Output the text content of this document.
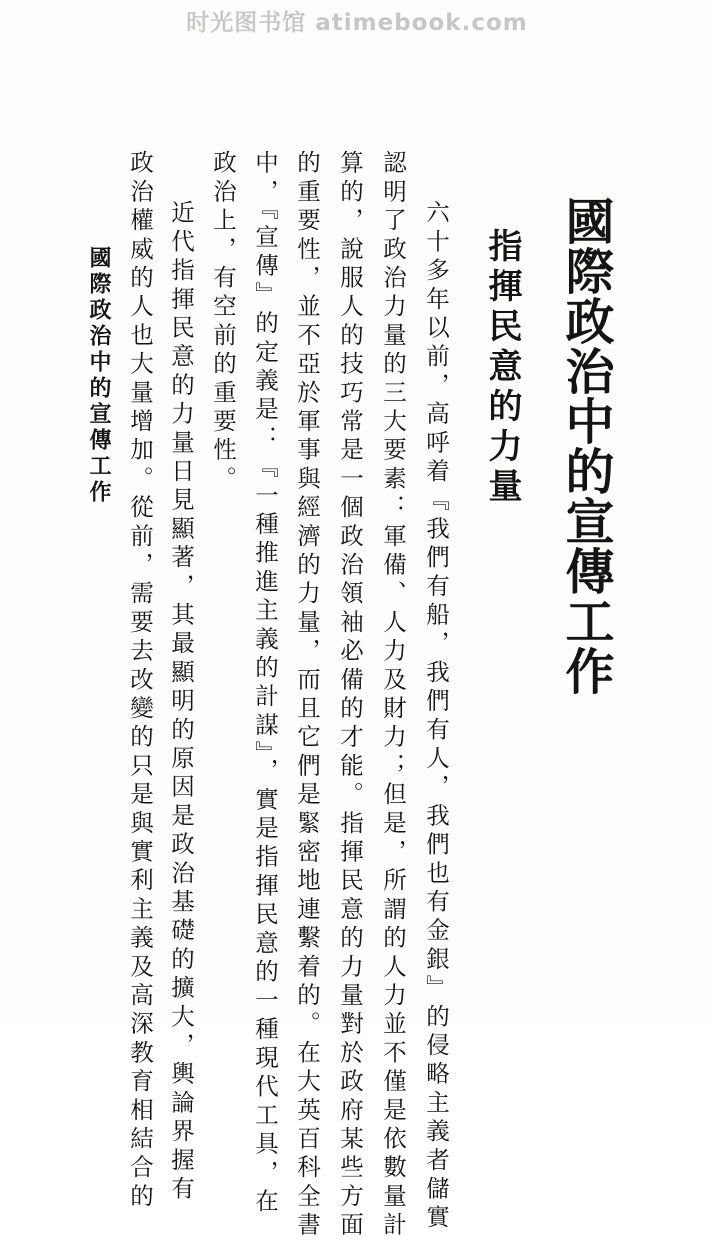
时光图书馆 atimebook.com
國際政治中的宣傳工作
指揮民意的力量
六十多年以前，高呼着『我們有船，我們有人，我們也有金銀』的侵略主義者儲實
認明了政治力量的三大要素：軍備、人力及財力；但是，所謂的人力並不僅是依數量計
算的，說服人的技巧常是一個政治領袖必備的才能。指揮民意的力量對於政府某些方面
的重要性，並不亞於軍事與經濟的力量，而且它們是緊密地連繫着的。在大英百科全書
中，『宣傳』的定義是：『一種推進主義的計謀』，實是指揮民意的一種現代工具，在
政治上，有空前的重要性。
近代指揮民意的力量日見顯著，其最顯明的原因是政治基礎的擴大，輿論界握有
政治權威的人也大量增加。從前，需要去改變的只是與實利主義及高深教育相結合的
國際政治中的宣傳工作
